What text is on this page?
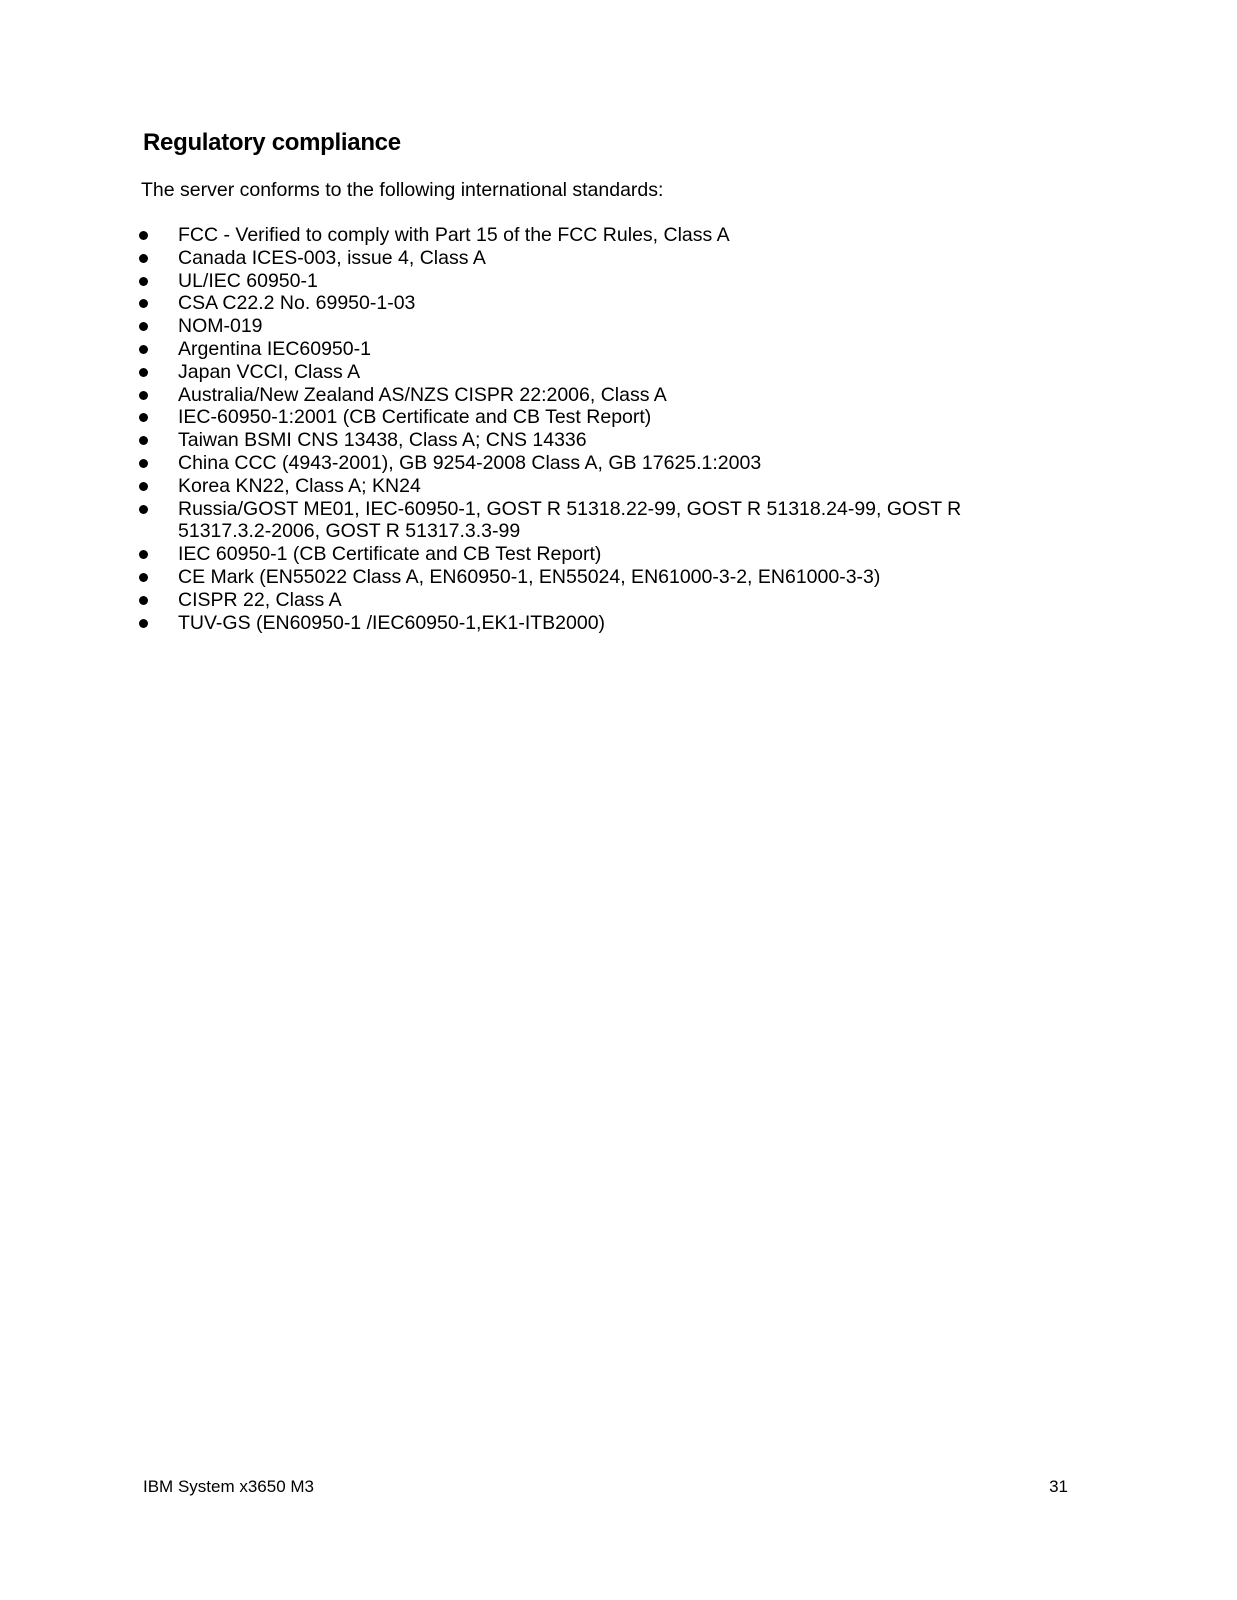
Regulatory compliance

The server conforms to the following international standards:

FCC - Verified to comply with Part 15 of the FCC Rules, Class A
Canada ICES-003, issue 4, Class A
UL/IEC 60950-1
CSA C22.2 No. 69950-1-03
NOM-019
Argentina IEC60950-1
Japan VCCI, Class A
Australia/New Zealand AS/NZS CISPR 22:2006, Class A
IEC-60950-1:2001 (CB Certificate and CB Test Report)
Taiwan BSMI CNS 13438, Class A; CNS 14336
China CCC (4943-2001), GB 9254-2008 Class A, GB 17625.1:2003
Korea KN22, Class A; KN24
Russia/GOST ME01, IEC-60950-1, GOST R 51318.22-99, GOST R 51318.24-99, GOST R 51317.3.2-2006, GOST R 51317.3.3-99
IEC 60950-1 (CB Certificate and CB Test Report)
CE Mark (EN55022 Class A, EN60950-1, EN55024, EN61000-3-2, EN61000-3-3)
CISPR 22, Class A
TUV-GS (EN60950-1 /IEC60950-1,EK1-ITB2000)
IBM System x3650 M3	31
